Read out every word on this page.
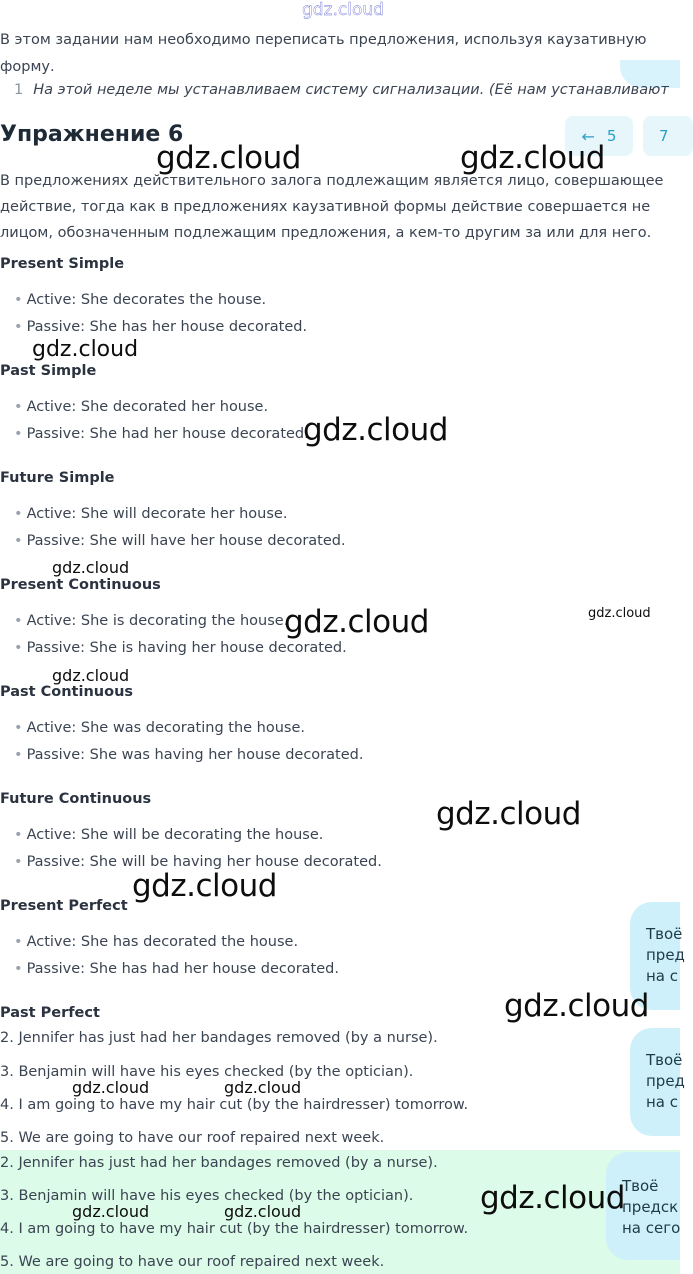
gdz.cloud
В этом задании нам необходимо переписать предложения, используя каузативную форму.
1 На этой неделе мы устанавливаем систему сигнализации. (Её нам устанавливают
Упражнение 6	← 5	7
В предложениях действительного залога подлежащим является лицо, совершающее действие, тогда как в предложениях каузативной формы действие совершается не лицом, обозначенным подлежащим предложения, а кем-то другим за или для него.
Present Simple
• Active: She decorates the house.
• Passive: She has her house decorated.
Past Simple
• Active: She decorated her house.
• Passive: She had her house decorated.
Future Simple
• Active: She will decorate her house.
• Passive: She will have her house decorated.
Present Continuous
• Active: She is decorating the house.
• Passive: She is having her house decorated.
Past Continuous
• Active: She was decorating the house.
• Passive: She was having her house decorated.
Future Continuous
• Active: She will be decorating the house.
• Passive: She will be having her house decorated.
Present Perfect
• Active: She has decorated the house.
• Passive: She has had her house decorated.
Past Perfect
2. Jennifer has just had her bandages removed (by a nurse).
3. Benjamin will have his eyes checked (by the optician).
4. I am going to have my hair cut (by the hairdresser) tomorrow.
5. We are going to have our roof repaired next week.
2. Jennifer has just had her bandages removed (by a nurse).
3. Benjamin will have his eyes checked (by the optician).
4. I am going to have my hair cut (by the hairdresser) tomorrow.
5. We are going to have our roof repaired next week.
Твоё
пред
на с
Твоё
пред
на с
Твоё
предск
на сего
gdz.cloud	gdz.cloud
gdz.cloud
gdz.cloud
gdz.cloud
gdz.cloud	gdz.cloud
gdz.cloud
gdz.cloud
gdz.cloud
gdz.cloud
gdz.cloud	gdz.cloud
gdz.cloud
gdz.cloud	gdz.cloud
